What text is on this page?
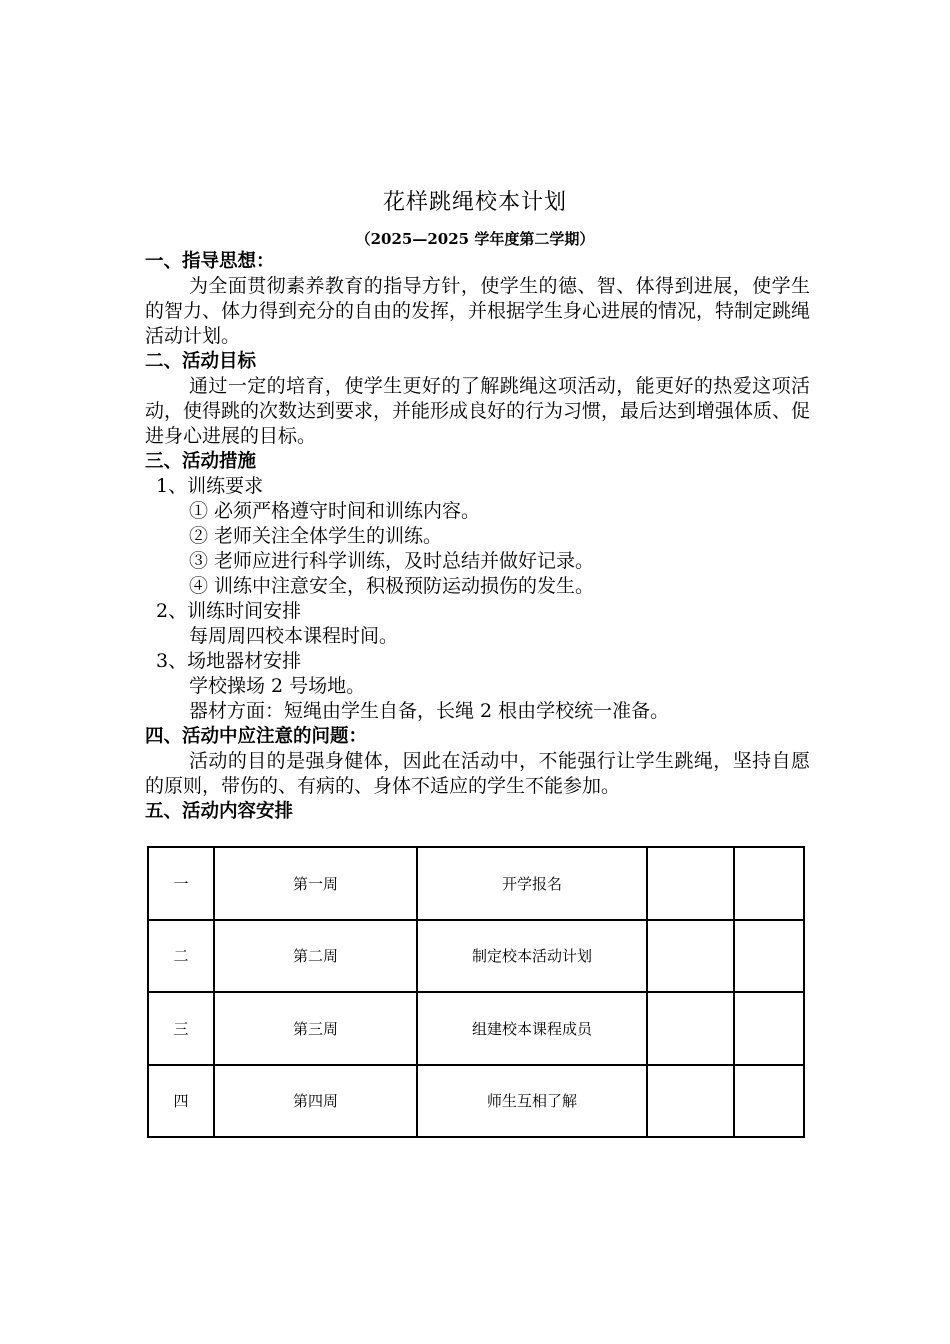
花样跳绳校本计划
（2025—2025 学年度第二学期）
一、指导思想：
为全面贯彻素养教育的指导方针，使学生的德、智、体得到进展，使学生的智力、体力得到充分的自由的发挥，并根据学生身心进展的情况，特制定跳绳活动计划。
二、活动目标
通过一定的培育，使学生更好的了解跳绳这项活动，能更好的热爱这项活动，使得跳的次数达到要求，并能形成良好的行为习惯，最后达到增强体质、促进身心进展的目标。
三、活动措施
1、训练要求
① 必须严格遵守时间和训练内容。
② 老师关注全体学生的训练。
③ 老师应进行科学训练，及时总结并做好记录。
④ 训练中注意安全，积极预防运动损伤的发生。
2、训练时间安排
每周周四校本课程时间。
3、场地器材安排
学校操场 2 号场地。
器材方面：短绳由学生自备，长绳 2 根由学校统一准备。
四、活动中应注意的问题：
活动的目的是强身健体，因此在活动中，不能强行让学生跳绳，坚持自愿的原则，带伤的、有病的、身体不适应的学生不能参加。
五、活动内容安排
一	第一周	开学报名		
二	第二周	制定校本活动计划		
三	第三周	组建校本课程成员		
四	第四周	师生互相了解		
